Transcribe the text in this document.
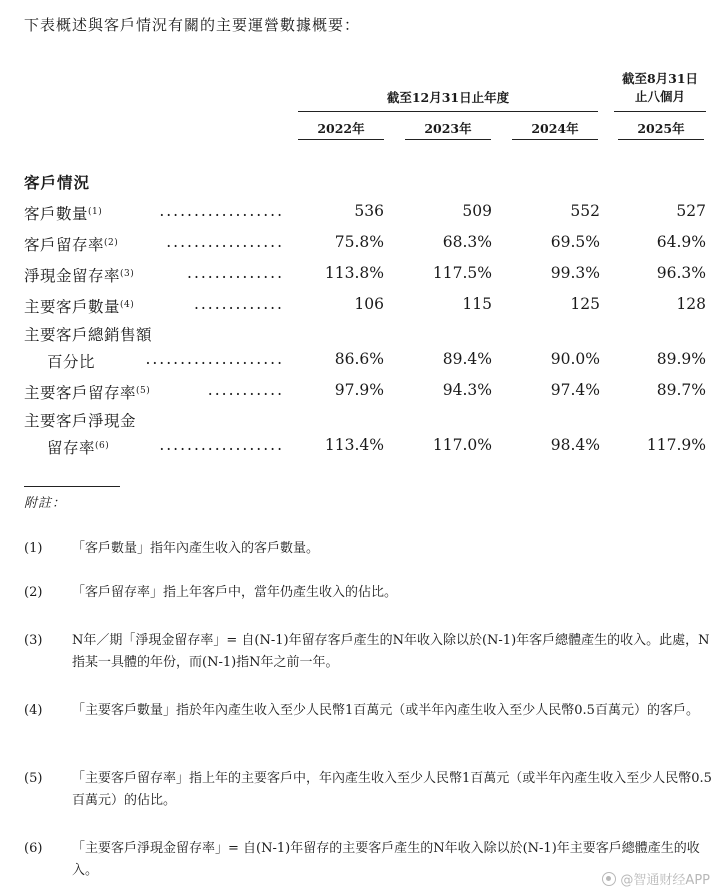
下表概述與客戶情況有關的主要運營數據概要：
截至12月31日止年度
截至8月31日
止八個月
2022年	2023年	2024年	2025年
客戶情況
客戶數量$^{(1)}$	..................	536	509	552	527
客戶留存率$^{(2)}$	.................	75.8%	68.3%	69.5%	64.9%
淨現金留存率$^{(3)}$	..............	113.8%	117.5%	99.3%	96.3%
主要客戶數量$^{(4)}$	.............	106	115	125	128
主要客戶總銷售額
百分比	....................	86.6%	89.4%	90.0%	89.9%
主要客戶留存率$^{(5)}$	...........	97.9%	94.3%	97.4%	89.7%
主要客戶淨現金
留存率$^{(6)}$	..................	113.4%	117.0%	98.4%	117.9%
附註：
(1) 「客戶數量」指年內產生收入的客戶數量。
(2) 「客戶留存率」指上年客戶中，當年仍產生收入的佔比。
(3) N年／期「淨現金留存率」= 自(N-1)年留存客戶產生的N年收入除以於(N-1)年客戶總體產生的收入。此處，N指某一具體的年份，而(N-1)指N年之前一年。
(4) 「主要客戶數量」指於年內產生收入至少人民幣1百萬元（或半年內產生收入至少人民幣0.5百萬元）的客戶。
(5) 「主要客戶留存率」指上年的主要客戶中，年內產生收入至少人民幣1百萬元（或半年內產生收入至少人民幣0.5百萬元）的佔比。
(6) 「主要客戶淨現金留存率」= 自(N-1)年留存的主要客戶產生的N年收入除以於(N-1)年主要客戶總體產生的收入。
@智通财经APP
